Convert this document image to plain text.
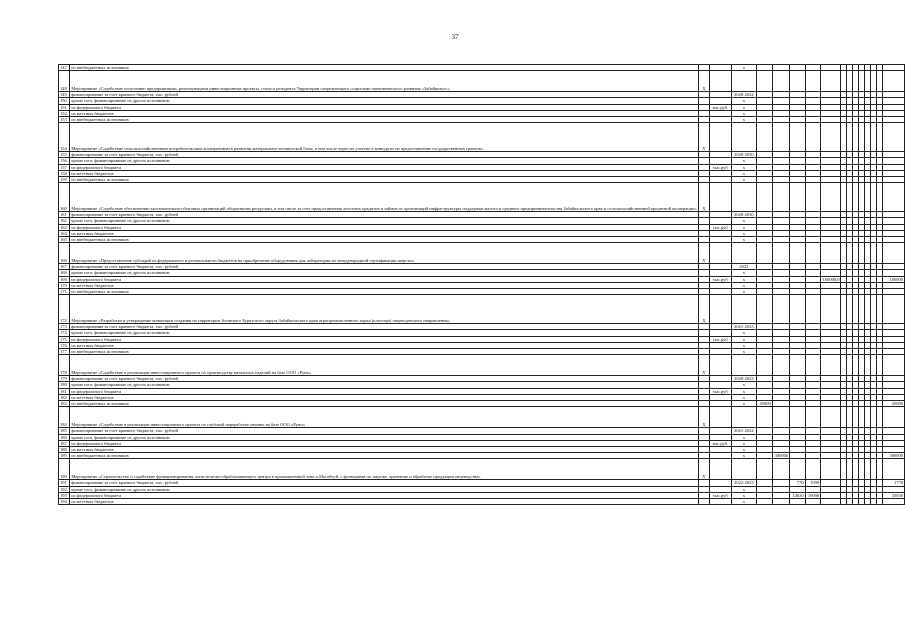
37
147	из внебюджетных источников			х													
148	Мероприятие «Содействие получению предприятиями, реализующими инвестиционные проекты, статуса резидента Территории опережающего социально-экономического развития «Забайкалье»»	Х															
149	финансирование за счет краевого бюджета, тыс. рублей			2020-2022													
150	кроме того, финансирование из других источников:			х													
151	из федерального бюджета		тыс.руб.	х													
152	из местных бюджетов			х													
153	из внебюджетных источников			х													
154	Мероприятие «Содействие сельскохозяйственным потребительским кооперативам в развитии материально-технической базы, в том числе через их участие в конкурсах на предоставление государственных грантов»	Х															
155	финансирование за счет краевого бюджета, тыс. рублей			2020-2030													
156	кроме того, финансирование из других источников:			х													
157	из федерального бюджета		тыс.руб	х													
158	из местных бюджетов			х													
159	из внебюджетных источников			х													
160	Мероприятие «Содействие обеспечению заготовительно-сбытовых организаций оборотными ресурсами, в том числе за счет предоставления льготных кредитов и займов от организаций инфраструктуры поддержки малого и среднего предпринимательства Забайкальского края и сельскохозяйственной кредитной кооперации»	Х															
161	финансирование за счет краевого бюджета, тыс. рублей			2020-2030													
162	кроме того, финансирование из других источников:			х													
163	из федерального бюджета		тыс.руб	х													
164	из местных бюджетов			х													
165	из внебюджетных источников			х													
166	Мероприятие «Предоставление субсидий из федерального и регионального бюджетов на приобретение оборудования для лаборатории по международной сертификации шерсти»	Х															
167	финансирование за счет краевого бюджета, тыс. рублей			2022													
168	кроме того, финансирование из других источников:			х													
169	из федерального бюджета		тыс.руб	х					100000,0								100000
170	из местных бюджетов			х													
171	из внебюджетных источников			х													
172	Мероприятие «Разработка и утверждение концепции создания на территории Агинского Бурятского округа Забайкальского края агропромышленного парка (кластера) овцеводческого направления»	Х															
173	финансирование за счет краевого бюджета, тыс. рублей			2021-2023													
174	кроме того, финансирование из других источников:			х													
175	из федерального бюджета		тыс.руб	х													
176	из местных бюджетов			х													
177	из внебюджетных источников			х													
178	Мероприятие «Содействие в реализации инвестиционного проекта по производству вязальных изделий на базе ООО «Руно»	Х															
179	финансирование за счет краевого бюджета, тыс. рублей			2020-2023													
180	кроме того, финансирование из других источников:			х													
181	из федерального бюджета		тыс.руб	х													
182	из местных бюджетов			х													
183	из внебюджетных источников			х	45000												45000
184	Мероприятие «Содействие в реализации инвестиционного проекта по глубокой переработке овчины на базе ООО «Руно»	Х															
185	финансирование за счет краевого бюджета, тыс. рублей			2021-2022													
186	кроме того, финансирование из других источников:			х													
187	из федерального бюджета		тыс.руб.	х													
188	из местных бюджетов			х													
189	из внебюджетных источников			х		300000											300000
190	Мероприятие «Строительство и содействие функционирования логистическо-обрабатывающего центра в промышленной зоне п.Могойтуй, с функциями по закупке, хранению и обработке продукции овцеводства»	Х															
191	финансирование за счет краевого бюджета, тыс. рублей			2022-2023			770	1000									1770
192	кроме того, финансирование из других источников:			х													
193	из федерального бюджета		тыс.руб	х			14630	19000									33630
194	из местных бюджетов			х													
